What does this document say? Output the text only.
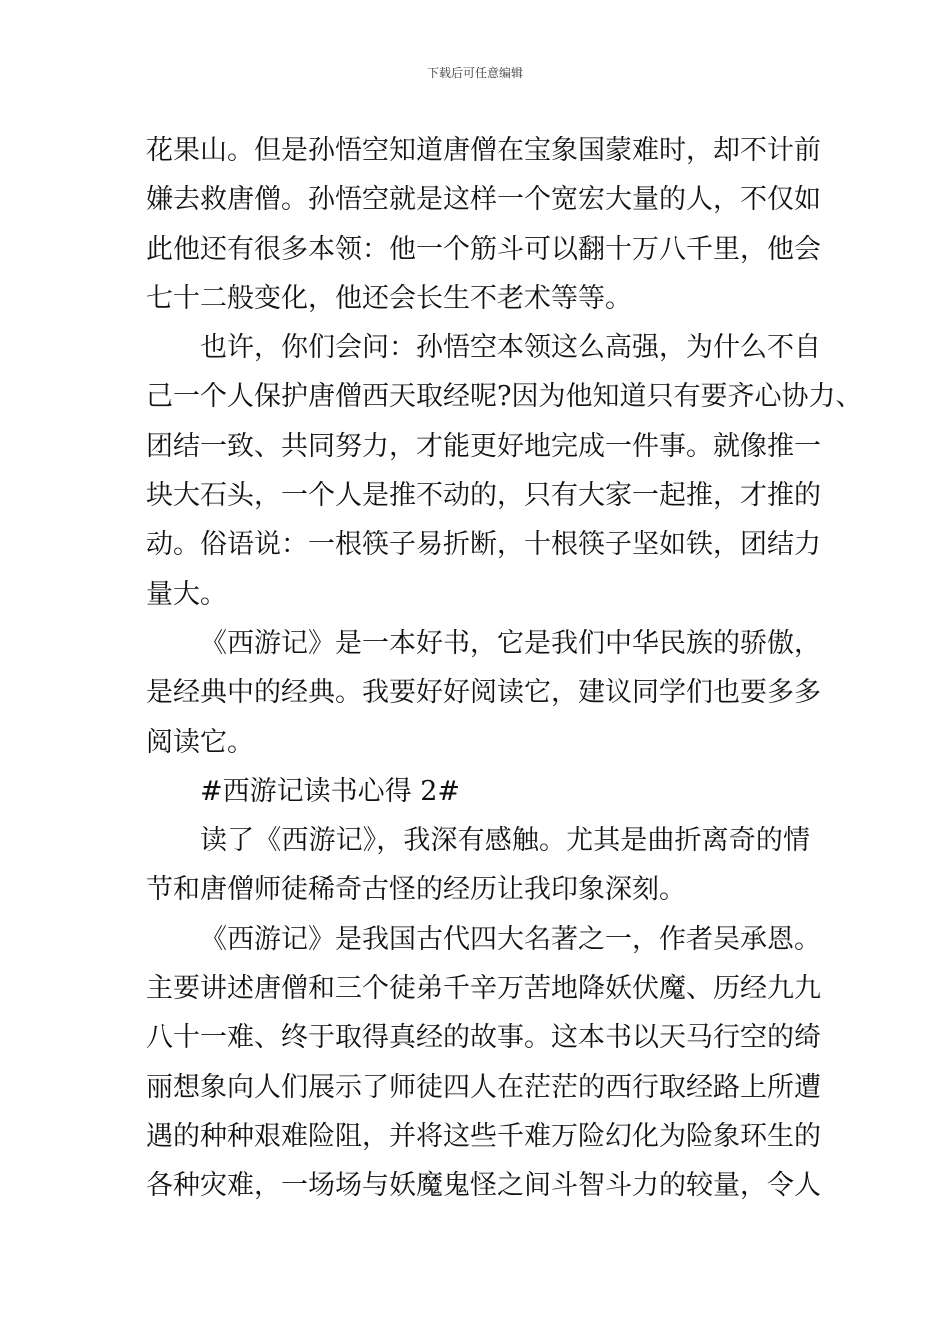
下载后可任意编辑
花果山。但是孙悟空知道唐僧在宝象国蒙难时，却不计前
嫌去救唐僧。孙悟空就是这样一个宽宏大量的人，不仅如
此他还有很多本领：他一个筋斗可以翻十万八千里，他会
七十二般变化，他还会长生不老术等等。
也许，你们会问：孙悟空本领这么高强，为什么不自
己一个人保护唐僧西天取经呢?因为他知道只有要齐心协力、
团结一致、共同努力，才能更好地完成一件事。就像推一
块大石头，一个人是推不动的，只有大家一起推，才推的
动。俗语说：一根筷子易折断，十根筷子坚如铁，团结力
量大。
《西游记》是一本好书，它是我们中华民族的骄傲，
是经典中的经典。我要好好阅读它，建议同学们也要多多
阅读它。
#西游记读书心得 2#
读了《西游记》，我深有感触。尤其是曲折离奇的情
节和唐僧师徒稀奇古怪的经历让我印象深刻。
《西游记》是我国古代四大名著之一，作者吴承恩。
主要讲述唐僧和三个徒弟千辛万苦地降妖伏魔、历经九九
八十一难、终于取得真经的故事。这本书以天马行空的绮
丽想象向人们展示了师徒四人在茫茫的西行取经路上所遭
遇的种种艰难险阻，并将这些千难万险幻化为险象环生的
各种灾难，一场场与妖魔鬼怪之间斗智斗力的较量，令人
